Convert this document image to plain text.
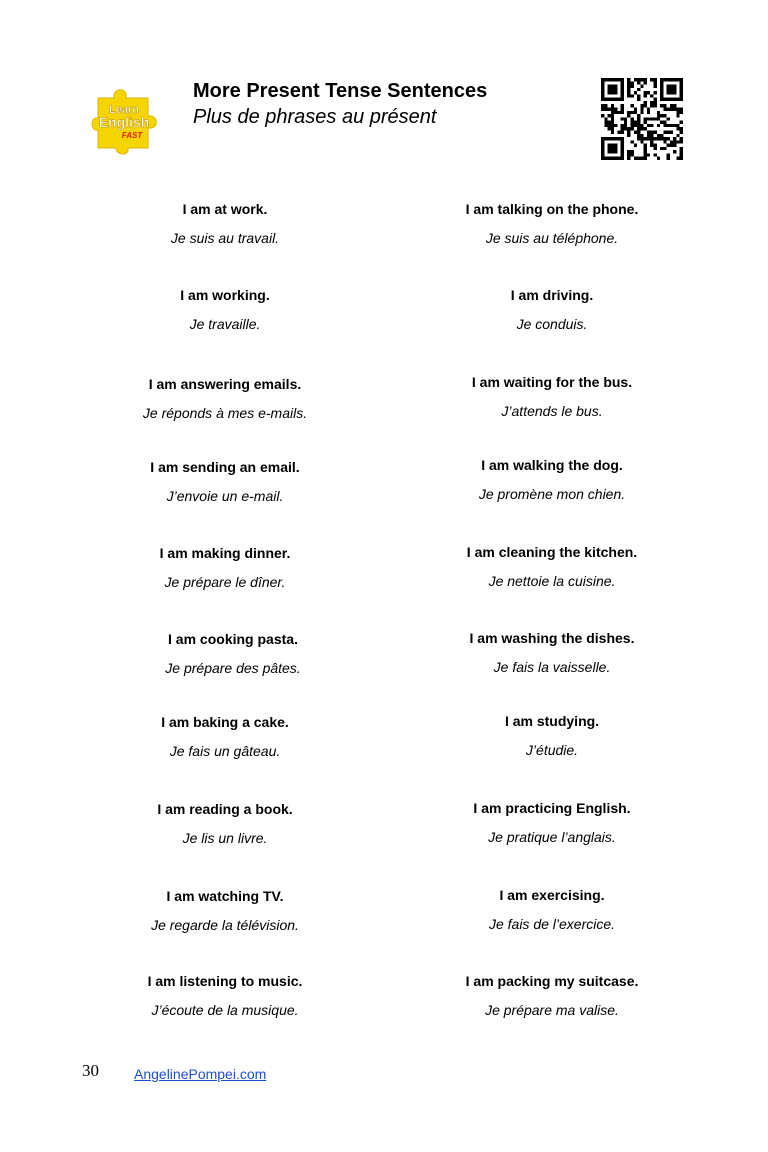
Learn
English
FAST
More Present Tense Sentences
Plus de phrases au présent
I am at work.
Je suis au travail.
I am working.
Je travaille.
I am answering emails.
Je réponds à mes e-mails.
I am sending an email.
J’envoie un e-mail.
I am making dinner.
Je prépare le dîner.
I am cooking pasta.
Je prépare des pâtes.
I am baking a cake.
Je fais un gâteau.
I am reading a book.
Je lis un livre.
I am watching TV.
Je regarde la télévision.
I am listening to music.
J’écoute de la musique.
I am talking on the phone.
Je suis au téléphone.
I am driving.
Je conduis.
I am waiting for the bus.
J’attends le bus.
I am walking the dog.
Je promène mon chien.
I am cleaning the kitchen.
Je nettoie la cuisine.
I am washing the dishes.
Je fais la vaisselle.
I am studying.
J’étudie.
I am practicing English.
Je pratique l’anglais.
I am exercising.
Je fais de l’exercice.
I am packing my suitcase.
Je prépare ma valise.
30	AngelinePompei.com
